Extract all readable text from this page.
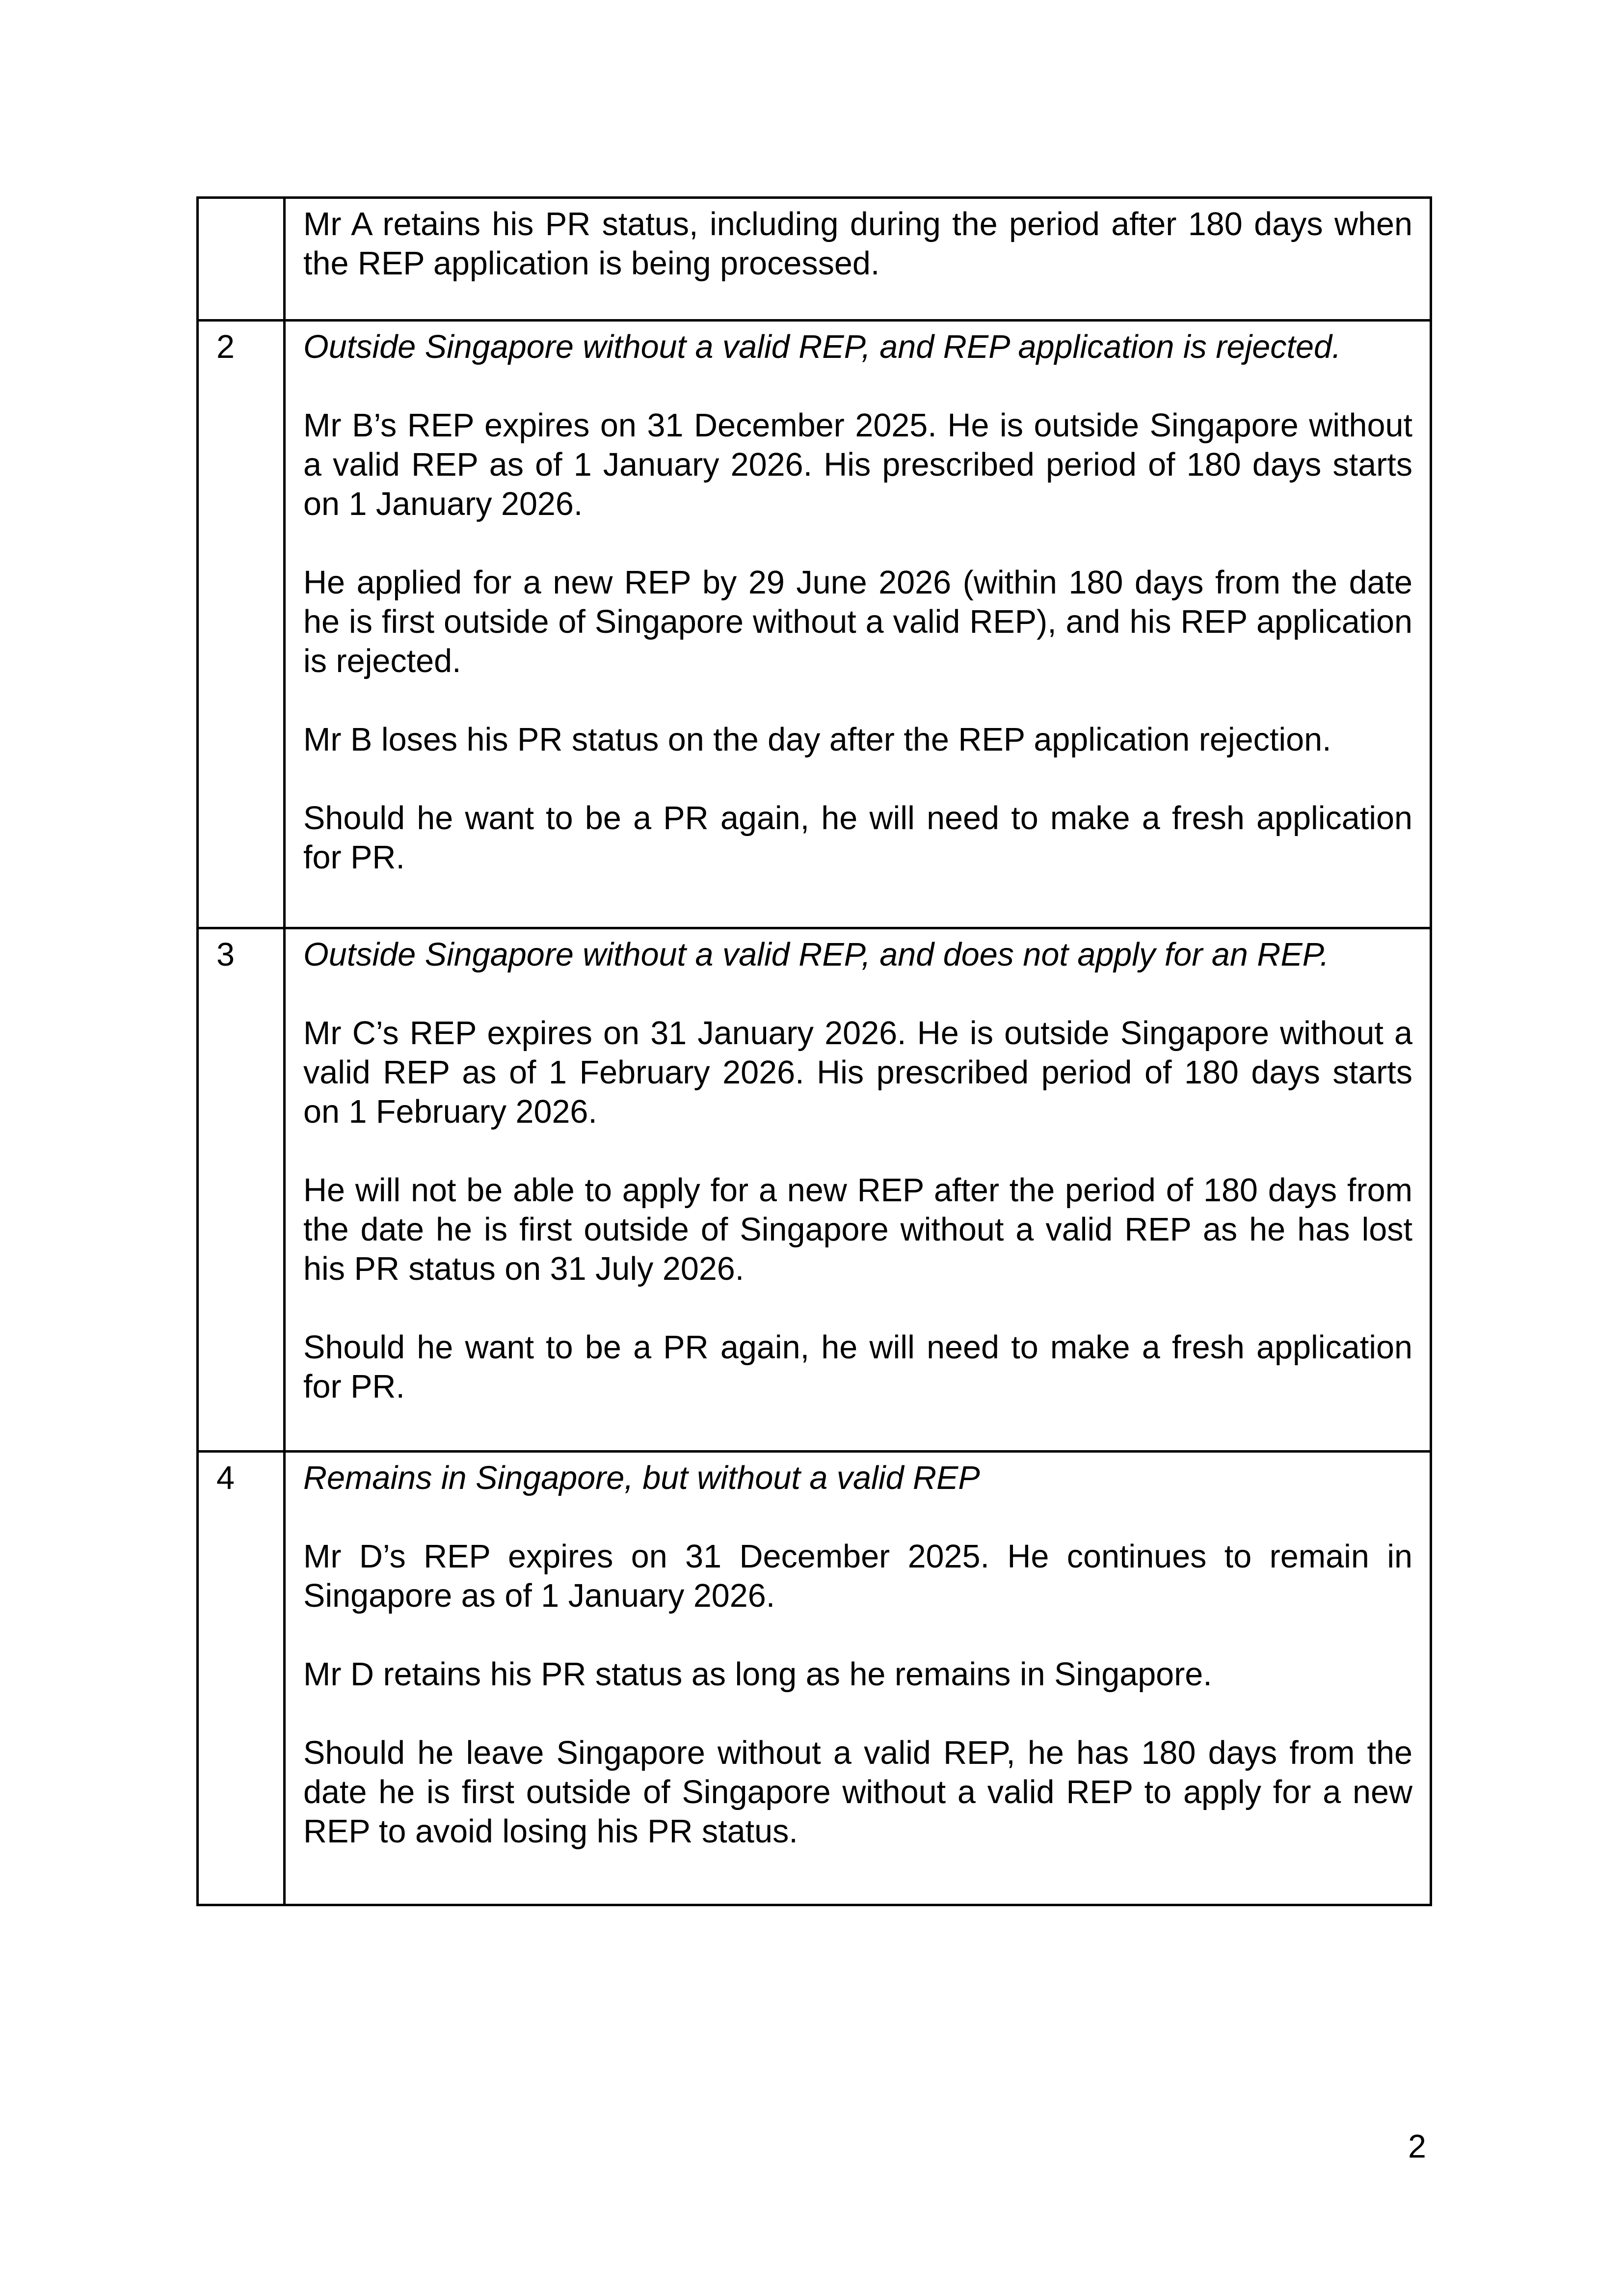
	Mr A retains his PR status, including during the period after 180 days when the REP application is being processed.

2	Outside Singapore without a valid REP, and REP application is rejected.

Mr B’s REP expires on 31 December 2025. He is outside Singapore without a valid REP as of 1 January 2026. His prescribed period of 180 days starts on 1 January 2026.

He applied for a new REP by 29 June 2026 (within 180 days from the date he is first outside of Singapore without a valid REP), and his REP application is rejected.

Mr B loses his PR status on the day after the REP application rejection.

Should he want to be a PR again, he will need to make a fresh application for PR.

3	Outside Singapore without a valid REP, and does not apply for an REP.

Mr C’s REP expires on 31 January 2026. He is outside Singapore without a valid REP as of 1 February 2026. His prescribed period of 180 days starts on 1 February 2026.

He will not be able to apply for a new REP after the period of 180 days from the date he is first outside of Singapore without a valid REP as he has lost his PR status on 31 July 2026.

Should he want to be a PR again, he will need to make a fresh application for PR.

4	Remains in Singapore, but without a valid REP

Mr D’s REP expires on 31 December 2025. He continues to remain in Singapore as of 1 January 2026.

Mr D retains his PR status as long as he remains in Singapore.

Should he leave Singapore without a valid REP, he has 180 days from the date he is first outside of Singapore without a valid REP to apply for a new REP to avoid losing his PR status.

2
